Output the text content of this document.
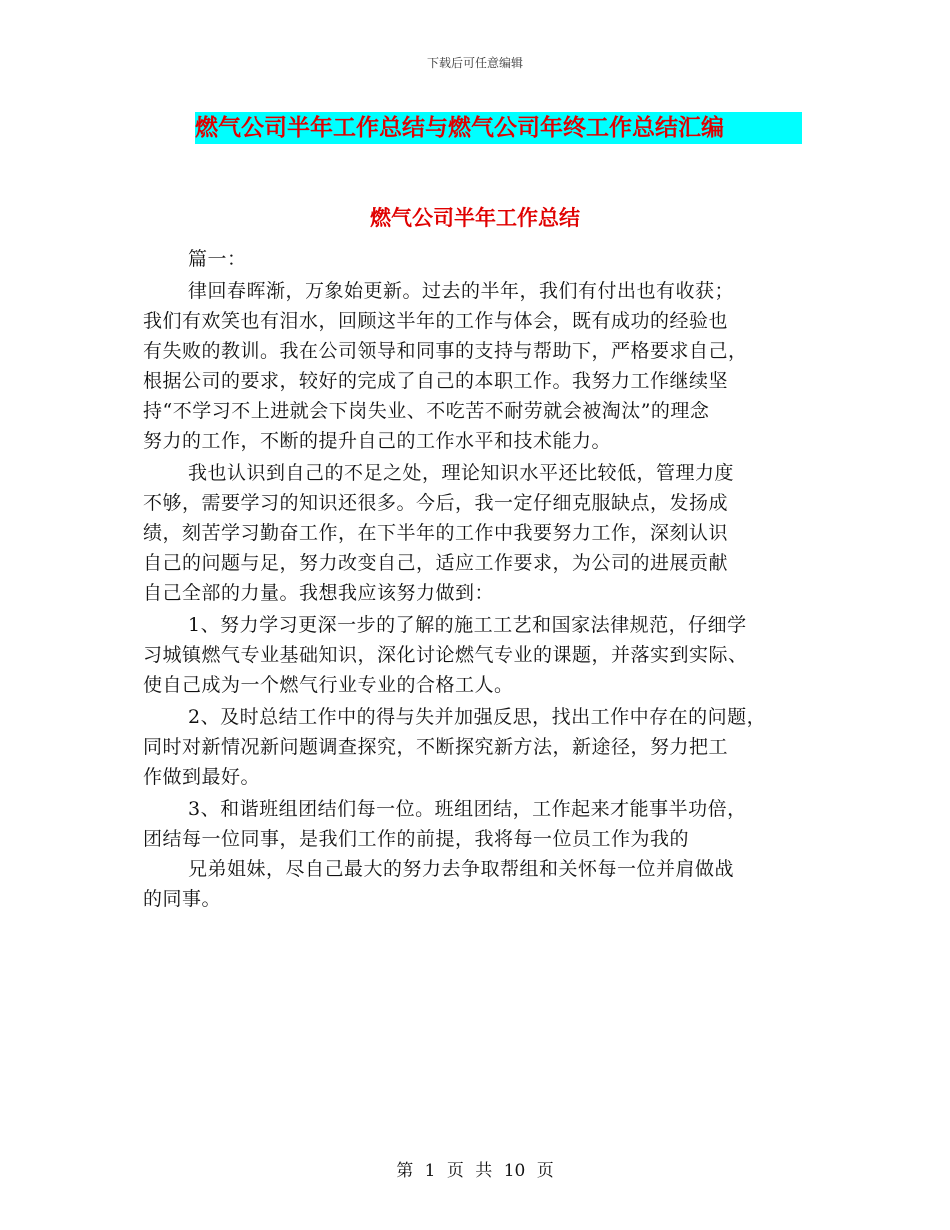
下载后可任意编辑
燃气公司半年工作总结与燃气公司年终工作总结汇编
燃气公司半年工作总结
篇一：
律回春晖渐，万象始更新。过去的半年，我们有付出也有收获；
我们有欢笑也有泪水，回顾这半年的工作与体会，既有成功的经验也
有失败的教训。我在公司领导和同事的支持与帮助下，严格要求自己，
根据公司的要求，较好的完成了自己的本职工作。我努力工作继续坚
持“不学习不上进就会下岗失业、不吃苦不耐劳就会被淘汰”的理念
努力的工作，不断的提升自己的工作水平和技术能力。
我也认识到自己的不足之处，理论知识水平还比较低，管理力度
不够，需要学习的知识还很多。今后，我一定仔细克服缺点，发扬成
绩，刻苦学习勤奋工作，在下半年的工作中我要努力工作，深刻认识
自己的问题与足，努力改变自己，适应工作要求，为公司的进展贡献
自己全部的力量。我想我应该努力做到：
1、努力学习更深一步的了解的施工工艺和国家法律规范，仔细学
习城镇燃气专业基础知识，深化讨论燃气专业的课题，并落实到实际、
使自己成为一个燃气行业专业的合格工人。
2、及时总结工作中的得与失并加强反思，找出工作中存在的问题，
同时对新情况新问题调查探究，不断探究新方法，新途径，努力把工
作做到最好。
3、和谐班组团结们每一位。班组团结，工作起来才能事半功倍，
团结每一位同事，是我们工作的前提，我将每一位员工作为我的
兄弟姐妹，尽自己最大的努力去争取帮组和关怀每一位并肩做战
的同事。
第 1 页 共 10 页
